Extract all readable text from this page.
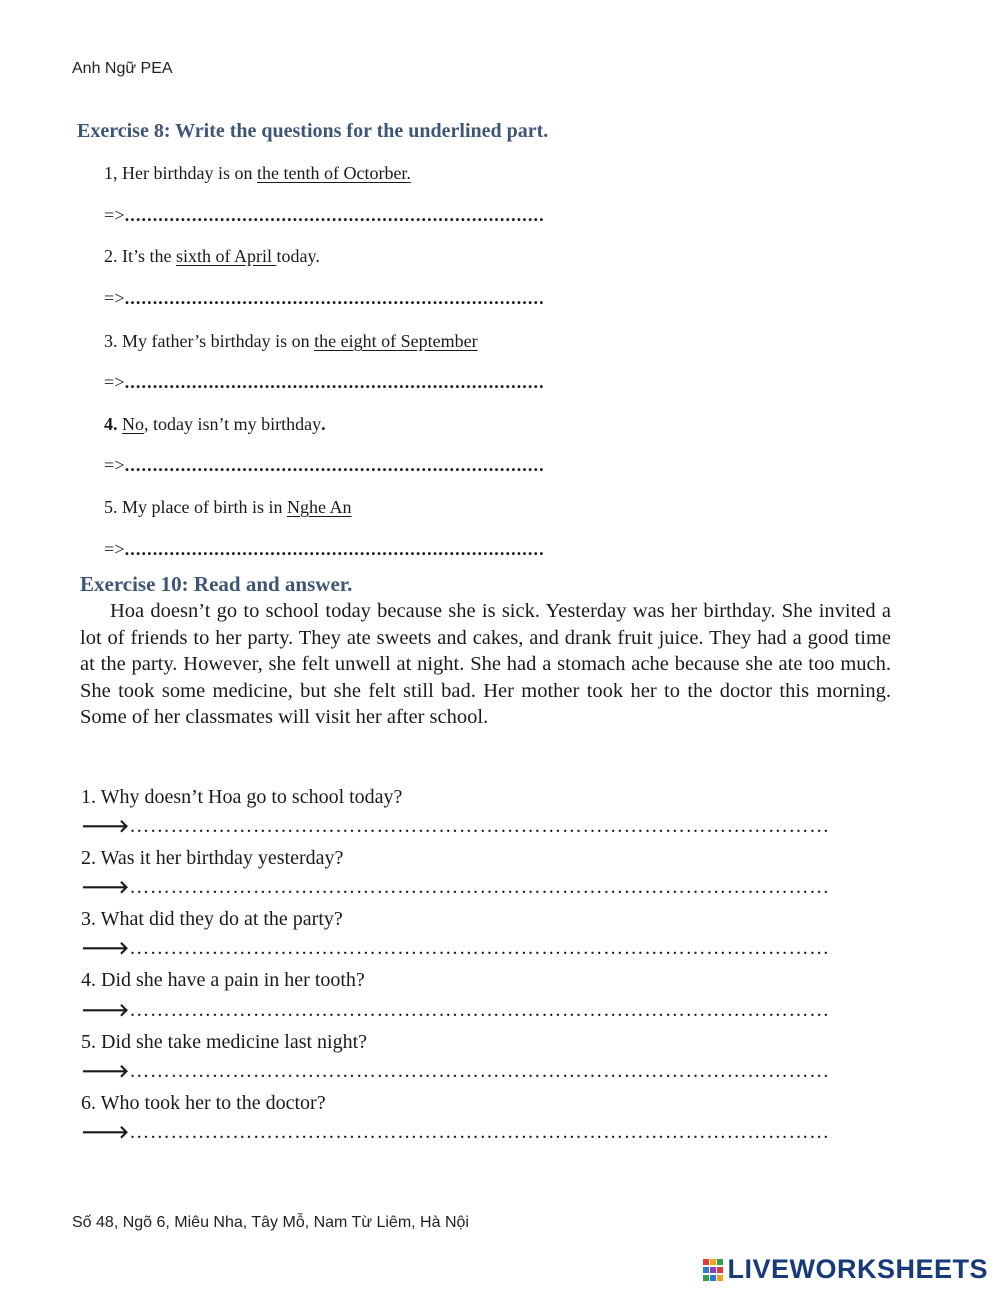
Anh Ngữ PEA
Exercise 8: Write the questions for the underlined part.
1, Her birthday is on the tenth of Octorber.
=>...........................................................................
2. It’s the sixth of April today.
=>...........................................................................
3. My father’s birthday is on the eight of September
=>...........................................................................
4. No, today isn’t my birthday.
=>...........................................................................
5. My place of birth is in Nghe An
=>...........................................................................
Exercise 10: Read and answer.

Hoa doesn’t go to school today because she is sick. Yesterday was her birthday. She invited a lot of friends to her party. They ate sweets and cakes, and drank fruit juice. They had a good time at the party. However, she felt unwell at night. She had a stomach ache because she ate too much. She took some medicine, but she felt still bad. Her mother took her to the doctor this morning. Some of her classmates will visit her after school.

1. Why doesn’t Hoa go to school today?
🡒…………………………………………………………………………………………
2. Was it her birthday yesterday?
🡒…………………………………………………………………………………………
3. What did they do at the party?
🡒…………………………………………………………………………………………
4. Did she have a pain in her tooth?
🡒…………………………………………………………………………………………
5. Did she take medicine last night?
🡒…………………………………………………………………………………………
6. Who took her to the doctor?
🡒…………………………………………………………………………………………
Số 48, Ngõ 6, Miêu Nha, Tây Mỗ, Nam Từ Liêm, Hà Nội
LIVEWORKSHEETS
